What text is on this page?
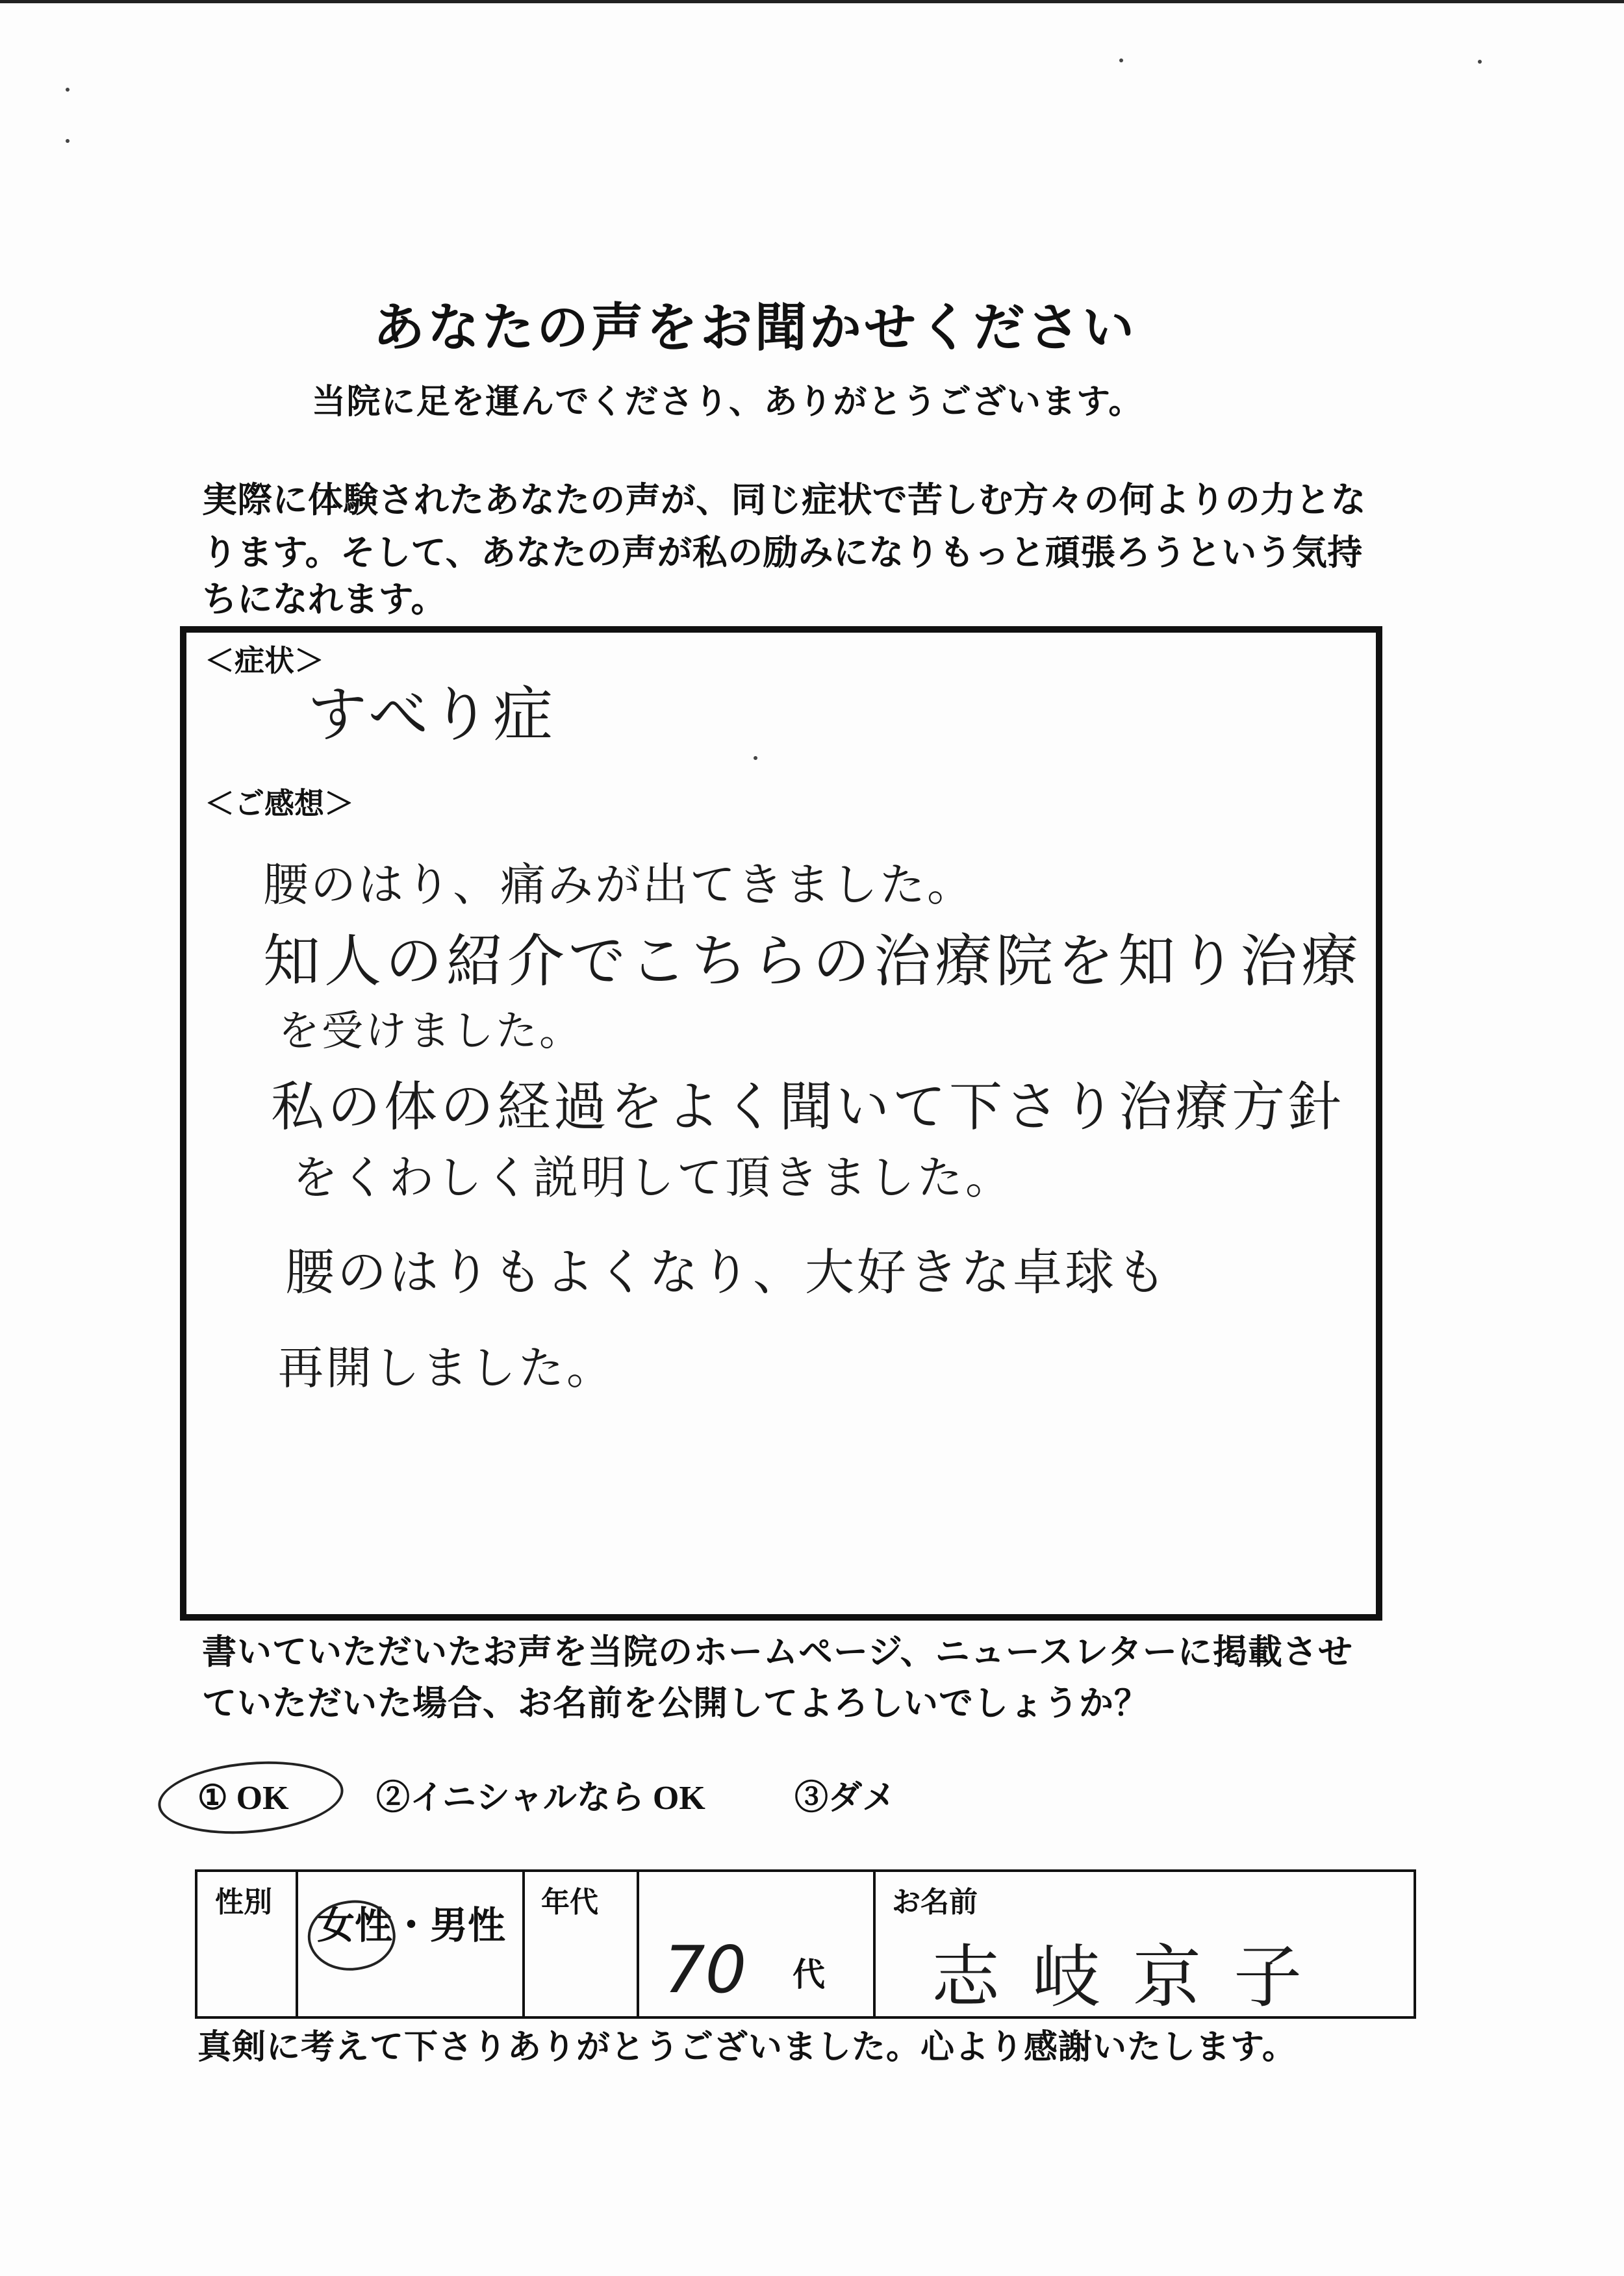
あなたの声をお聞かせください
当院に足を運んでくださり、ありがとうございます。
実際に体験されたあなたの声が、同じ症状で苦しむ方々の何よりの力とな
ります。そして、あなたの声が私の励みになりもっと頑張ろうという気持
ちになれます。
＜症状＞
すべり症
＜ご感想＞
腰のはり、痛みが出てきました。
知人の紹介でこちらの治療院を知り治療
を受けました。
私の体の経過をよく聞いて下さり治療方針
をくわしく説明して頂きました。
腰のはりもよくなり、大好きな卓球も
再開しました。
書いていただいたお声を当院のホームページ、ニュースレターに掲載させ
ていただいた場合、お名前を公開してよろしいでしょうか？
① OK	②イニシャルなら OK	③ダメ
性別
女性・男性
年代
70 代
お名前
志岐京子
真剣に考えて下さりありがとうございました。心より感謝いたします。
